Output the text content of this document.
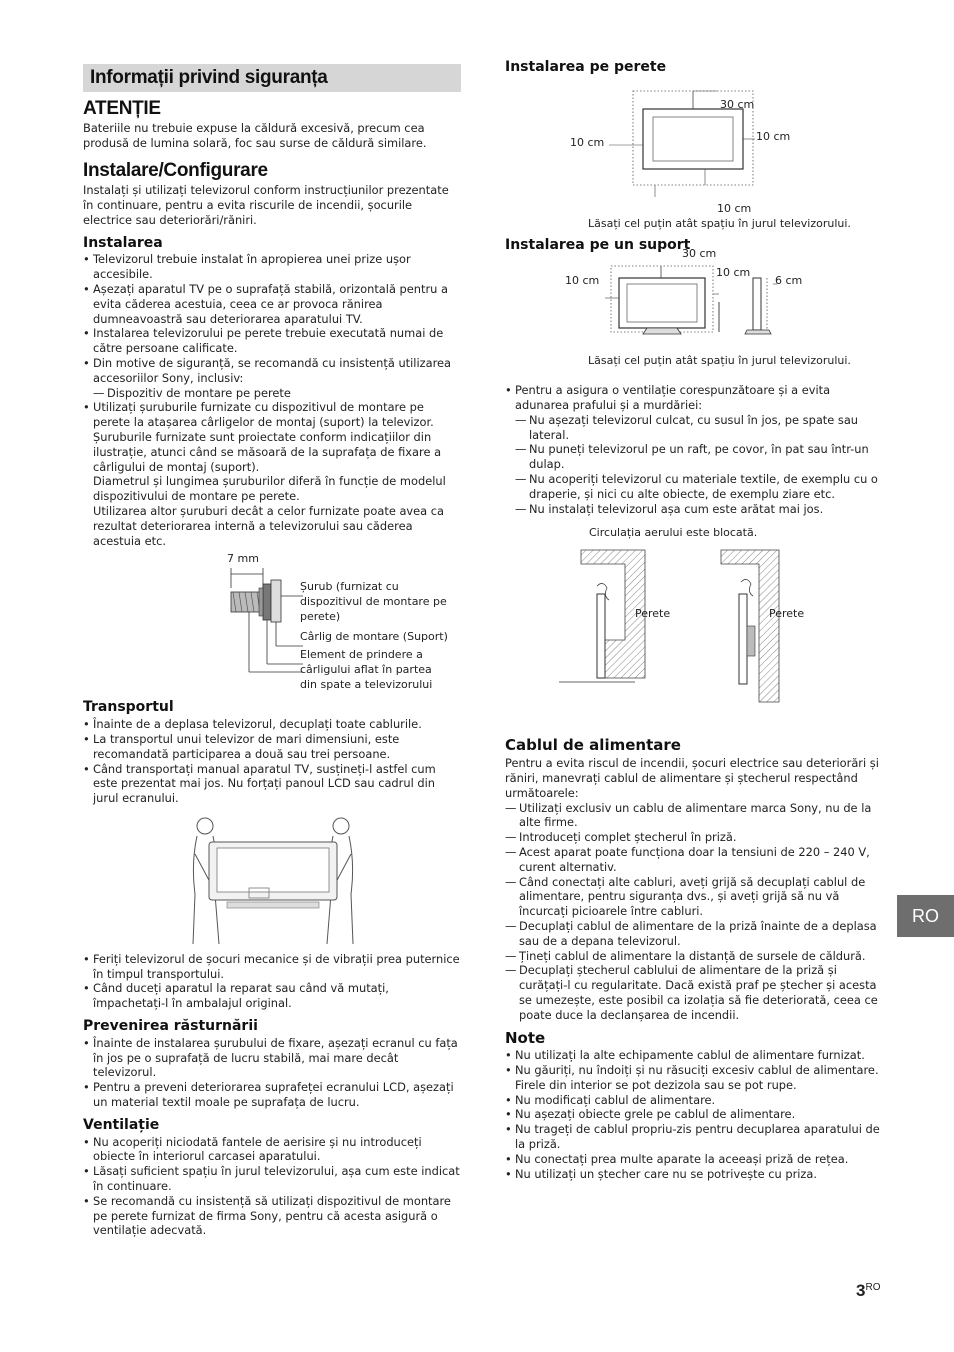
Informații privind siguranța
ATENȚIE

Bateriile nu trebuie expuse la căldură excesivă, precum cea produsă de lumina solară, foc sau surse de căldură similare.

Instalare/Configurare

Instalați și utilizați televizorul conform instrucțiunilor prezentate în continuare, pentru a evita riscurile de incendii, șocurile electrice sau deteriorări/răniri.

Instalarea
• Televizorul trebuie instalat în apropierea unei prize ușor accesibile.
• Așezați aparatul TV pe o suprafață stabilă, orizontală pentru a evita căderea acestuia, ceea ce ar provoca rănirea dumneavoastră sau deteriorarea aparatului TV.
• Instalarea televizorului pe perete trebuie executată numai de către persoane calificate.
• Din motive de siguranță, se recomandă cu insistență utilizarea accesoriilor Sony, inclusiv:
— Dispozitiv de montare pe perete
• Utilizați șuruburile furnizate cu dispozitivul de montare pe perete la atașarea cârligelor de montaj (suport) la televizor. Șuruburile furnizate sunt proiectate conform indicațiilor din ilustrație, atunci când se măsoară de la suprafața de fixare a cârligului de montaj (suport).
Diametrul și lungimea șuruburilor diferă în funcție de modelul dispozitivului de montare pe perete.
Utilizarea altor șuruburi decât a celor furnizate poate avea ca rezultat deteriorarea internă a televizorului sau căderea acestuia etc.
7 mm
Șurub (furnizat cu dispozitivul de montare pe perete)
Cârlig de montare (Suport)
Element de prindere a cârligului aflat în partea din spate a televizorului
Transportul
• Înainte de a deplasa televizorul, decuplați toate cablurile.
• La transportul unui televizor de mari dimensiuni, este recomandată participarea a două sau trei persoane.
• Când transportați manual aparatul TV, susțineți-l astfel cum este prezentat mai jos. Nu forțați panoul LCD sau cadrul din jurul ecranului.
• Feriți televizorul de șocuri mecanice și de vibrații prea puternice în timpul transportului.
• Când duceți aparatul la reparat sau când vă mutați, împachetați-l în ambalajul original.
Prevenirea răsturnării
• Înainte de instalarea șurubului de fixare, așezați ecranul cu fața în jos pe o suprafață de lucru stabilă, mai mare decât televizorul.
• Pentru a preveni deteriorarea suprafeței ecranului LCD, așezați un material textil moale pe suprafața de lucru.
Ventilație
• Nu acoperiți niciodată fantele de aerisire și nu introduceți obiecte în interiorul carcasei aparatului.
• Lăsați suficient spațiu în jurul televizorului, așa cum este indicat în continuare.
• Se recomandă cu insistență să utilizați dispozitivul de montare pe perete furnizat de firma Sony, pentru că acesta asigură o ventilație adecvată.
Instalarea pe perete
30 cm
10 cm	10 cm
10 cm
Lăsați cel puțin atât spațiu în jurul televizorului.
Instalarea pe un suport
30 cm
10 cm
10 cm
6 cm
Lăsați cel puțin atât spațiu în jurul televizorului.
• Pentru a asigura o ventilație corespunzătoare și a evita adunarea prafului și a murdăriei:
— Nu așezați televizorul culcat, cu susul în jos, pe spate sau lateral.
— Nu puneți televizorul pe un raft, pe covor, în pat sau într-un dulap.
— Nu acoperiți televizorul cu materiale textile, de exemplu cu o draperie, și nici cu alte obiecte, de exemplu ziare etc.
— Nu instalați televizorul așa cum este arătat mai jos.
Circulația aerului este blocată.
Perete	Perete
Cablul de alimentare

Pentru a evita riscul de incendii, șocuri electrice sau deteriorări și răniri, manevrați cablul de alimentare și ștecherul respectând următoarele:

— Utilizați exclusiv un cablu de alimentare marca Sony, nu de la alte firme.
— Introduceți complet ștecherul în priză.
— Acest aparat poate funcționa doar la tensiuni de 220 – 240 V, curent alternativ.
— Când conectați alte cabluri, aveți grijă să decuplați cablul de alimentare, pentru siguranța dvs., și aveți grijă să nu vă încurcați picioarele între cabluri.
— Decuplați cablul de alimentare de la priză înainte de a deplasa sau de a depana televizorul.
— Țineți cablul de alimentare la distanță de sursele de căldură.
— Decuplați ștecherul cablului de alimentare de la priză și curățați-l cu regularitate. Dacă există praf pe ștecher și acesta se umezește, este posibil ca izolația să fie deteriorată, ceea ce poate duce la declanșarea de incendii.
Note
• Nu utilizați la alte echipamente cablul de alimentare furnizat.
• Nu găuriți, nu îndoiți și nu răsuciți excesiv cablul de alimentare. Firele din interior se pot dezizola sau se pot rupe.
• Nu modificați cablul de alimentare.
• Nu așezați obiecte grele pe cablul de alimentare.
• Nu trageți de cablul propriu-zis pentru decuplarea aparatului de la priză.
• Nu conectați prea multe aparate la aceeași priză de rețea.
• Nu utilizați un ștecher care nu se potrivește cu priza.
RO
$3^{RO}$
